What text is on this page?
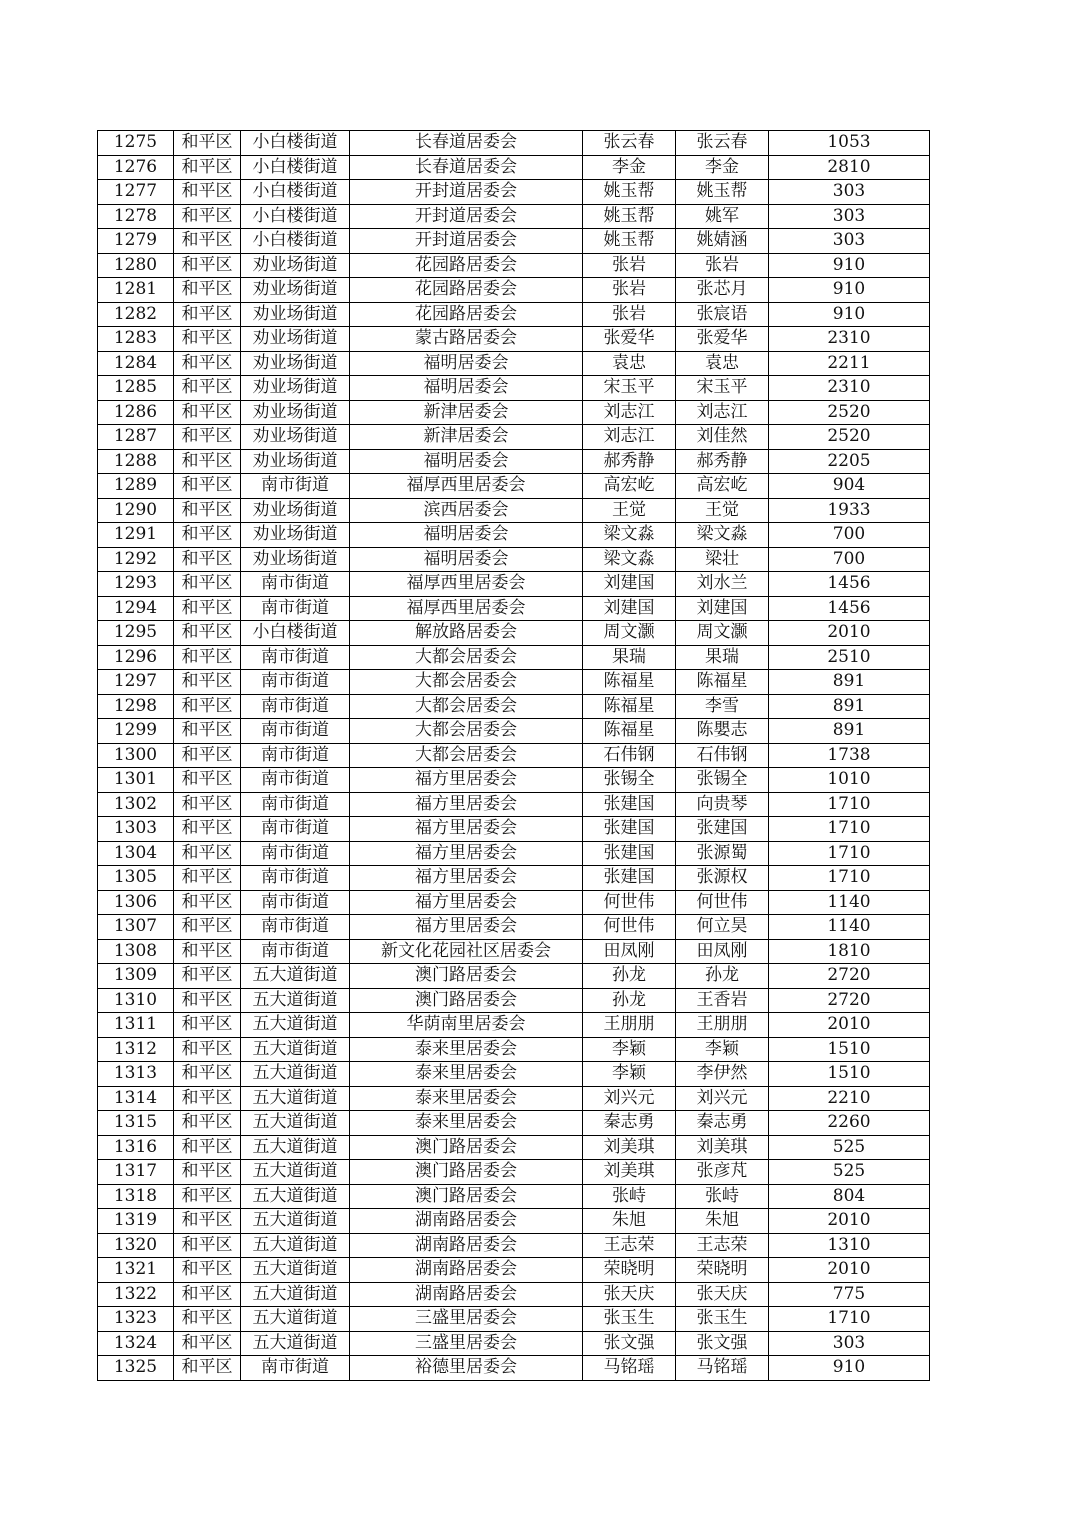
1275	和平区	小白楼街道	长春道居委会	张云春	张云春	1053
1276	和平区	小白楼街道	长春道居委会	李金	李金	2810
1277	和平区	小白楼街道	开封道居委会	姚玉帮	姚玉帮	303
1278	和平区	小白楼街道	开封道居委会	姚玉帮	姚军	303
1279	和平区	小白楼街道	开封道居委会	姚玉帮	姚婧涵	303
1280	和平区	劝业场街道	花园路居委会	张岩	张岩	910
1281	和平区	劝业场街道	花园路居委会	张岩	张芯月	910
1282	和平区	劝业场街道	花园路居委会	张岩	张宸语	910
1283	和平区	劝业场街道	蒙古路居委会	张爱华	张爱华	2310
1284	和平区	劝业场街道	福明居委会	袁忠	袁忠	2211
1285	和平区	劝业场街道	福明居委会	宋玉平	宋玉平	2310
1286	和平区	劝业场街道	新津居委会	刘志江	刘志江	2520
1287	和平区	劝业场街道	新津居委会	刘志江	刘佳然	2520
1288	和平区	劝业场街道	福明居委会	郝秀静	郝秀静	2205
1289	和平区	南市街道	福厚西里居委会	高宏屹	高宏屹	904
1290	和平区	劝业场街道	滨西居委会	王觉	王觉	1933
1291	和平区	劝业场街道	福明居委会	梁文淼	梁文淼	700
1292	和平区	劝业场街道	福明居委会	梁文淼	梁壮	700
1293	和平区	南市街道	福厚西里居委会	刘建国	刘水兰	1456
1294	和平区	南市街道	福厚西里居委会	刘建国	刘建国	1456
1295	和平区	小白楼街道	解放路居委会	周文灏	周文灏	2010
1296	和平区	南市街道	大都会居委会	果瑞	果瑞	2510
1297	和平区	南市街道	大都会居委会	陈福星	陈福星	891
1298	和平区	南市街道	大都会居委会	陈福星	李雪	891
1299	和平区	南市街道	大都会居委会	陈福星	陈嬰志	891
1300	和平区	南市街道	大都会居委会	石伟钢	石伟钢	1738
1301	和平区	南市街道	福方里居委会	张锡全	张锡全	1010
1302	和平区	南市街道	福方里居委会	张建国	向贵琴	1710
1303	和平区	南市街道	福方里居委会	张建国	张建国	1710
1304	和平区	南市街道	福方里居委会	张建国	张源蜀	1710
1305	和平区	南市街道	福方里居委会	张建国	张源权	1710
1306	和平区	南市街道	福方里居委会	何世伟	何世伟	1140
1307	和平区	南市街道	福方里居委会	何世伟	何立昊	1140
1308	和平区	南市街道	新文化花园社区居委会	田凤刚	田凤刚	1810
1309	和平区	五大道街道	澳门路居委会	孙龙	孙龙	2720
1310	和平区	五大道街道	澳门路居委会	孙龙	王香岩	2720
1311	和平区	五大道街道	华荫南里居委会	王朋朋	王朋朋	2010
1312	和平区	五大道街道	泰来里居委会	李颖	李颖	1510
1313	和平区	五大道街道	泰来里居委会	李颖	李伊然	1510
1314	和平区	五大道街道	泰来里居委会	刘兴元	刘兴元	2210
1315	和平区	五大道街道	泰来里居委会	秦志勇	秦志勇	2260
1316	和平区	五大道街道	澳门路居委会	刘美琪	刘美琪	525
1317	和平区	五大道街道	澳门路居委会	刘美琪	张彦芃	525
1318	和平区	五大道街道	澳门路居委会	张峙	张峙	804
1319	和平区	五大道街道	湖南路居委会	朱旭	朱旭	2010
1320	和平区	五大道街道	湖南路居委会	王志荣	王志荣	1310
1321	和平区	五大道街道	湖南路居委会	荣晓明	荣晓明	2010
1322	和平区	五大道街道	湖南路居委会	张天庆	张天庆	775
1323	和平区	五大道街道	三盛里居委会	张玉生	张玉生	1710
1324	和平区	五大道街道	三盛里居委会	张文强	张文强	303
1325	和平区	南市街道	裕德里居委会	马铭瑶	马铭瑶	910
